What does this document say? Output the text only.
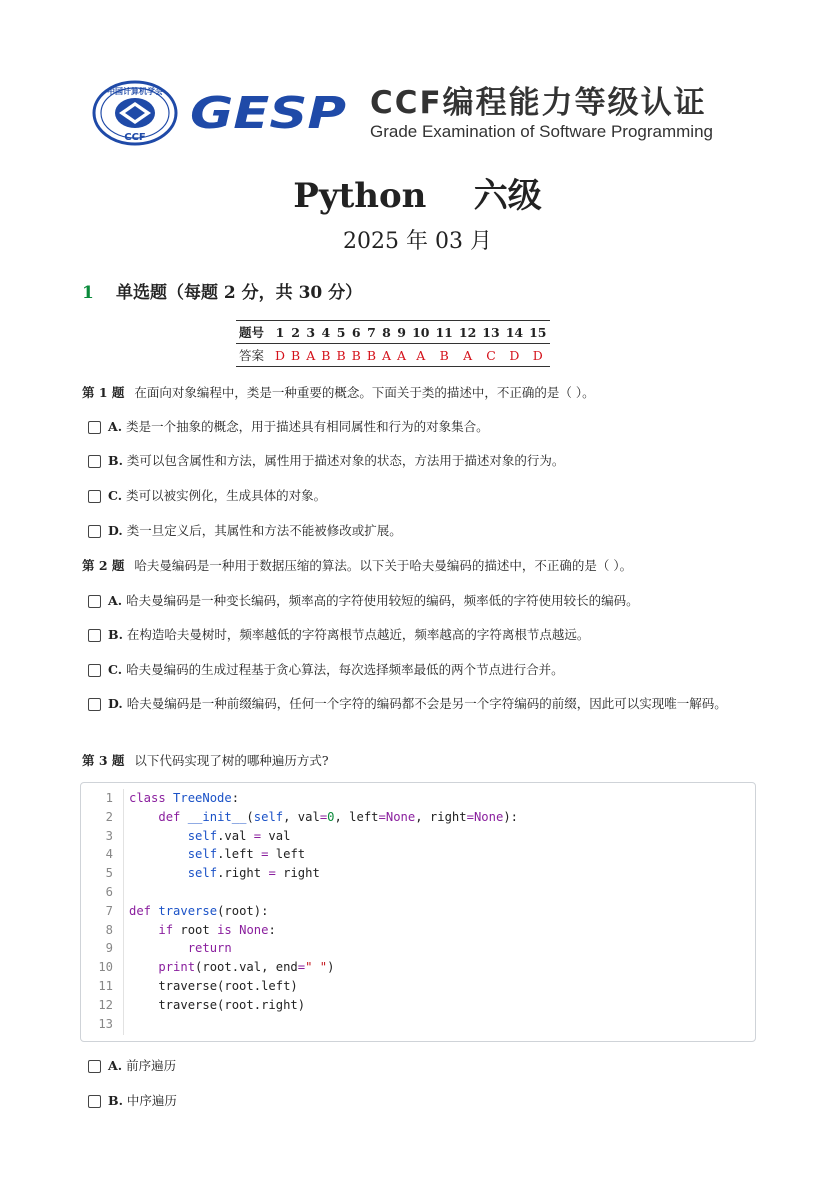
中国计算机学会
CCF GESP CCF编程能力等级认证
Grade Examination of Software Programming
Python    六级
2025 年 03 月
1 单选题（每题 2 分，共 30 分）
题号	1	2	3	4	5	6	7	8	9	10	11	12	13	14	15
答案	D	B	A	B	B	B	B	A	A	A	B	A	C	D	D
第 1 题 在面向对象编程中，类是一种重要的概念。下面关于类的描述中，不正确的是（ ）。
A. 类是一个抽象的概念，用于描述具有相同属性和行为的对象集合。
B. 类可以包含属性和方法，属性用于描述对象的状态，方法用于描述对象的行为。
C. 类可以被实例化，生成具体的对象。
D. 类一旦定义后，其属性和方法不能被修改或扩展。
第 2 题 哈夫曼编码是一种用于数据压缩的算法。以下关于哈夫曼编码的描述中，不正确的是（ ）。
A. 哈夫曼编码是一种变长编码，频率高的字符使用较短的编码，频率低的字符使用较长的编码。
B. 在构造哈夫曼树时，频率越低的字符离根节点越近，频率越高的字符离根节点越远。
C. 哈夫曼编码的生成过程基于贪心算法，每次选择频率最低的两个节点进行合并。
D. 哈夫曼编码是一种前缀编码，任何一个字符的编码都不会是另一个字符编码的前缀，因此可以实现唯一解码。
第 3 题 以下代码实现了树的哪种遍历方式?
1
2
3
4
5
6
7
8
9
10
11
12
13
class TreeNode:
def __init__(self, val=0, left=None, right=None):
self.val = val
self.left = left
self.right = right
def traverse(root):
if root is None:
return
print(root.val, end=" ")
traverse(root.left)
traverse(root.right)
A. 前序遍历
B. 中序遍历
